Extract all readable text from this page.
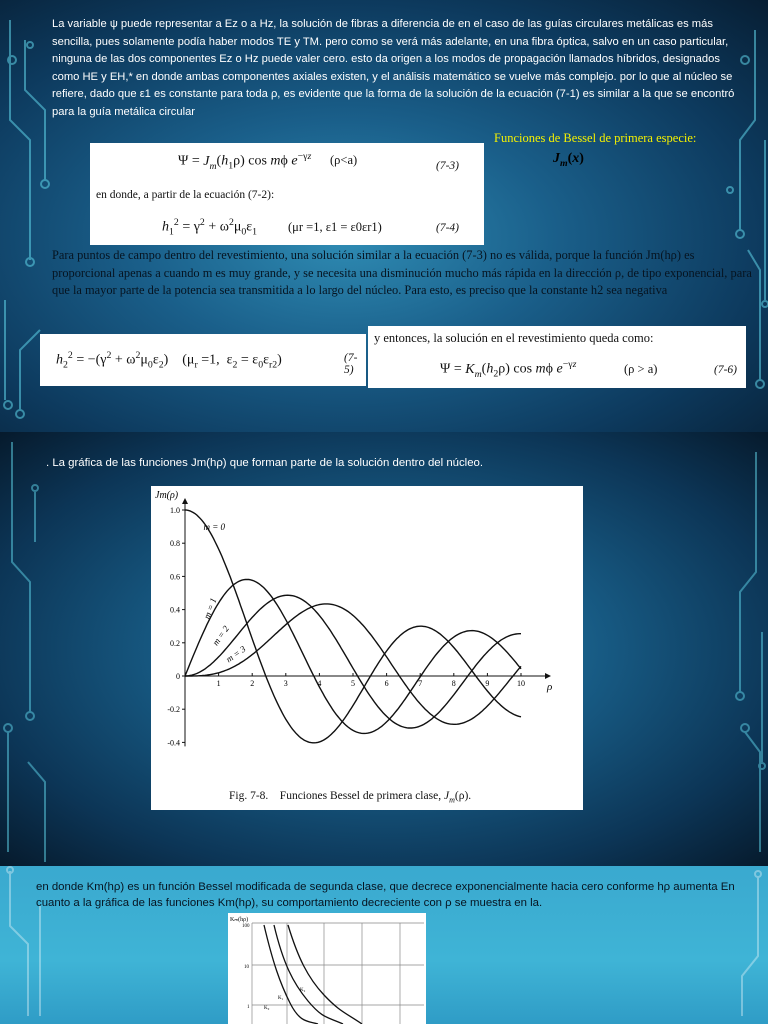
La variable ψ puede representar a Ez o a Hz, la solución de fibras a diferencia de en el caso de las guías circulares metálicas es más sencilla, pues solamente podía haber modos TE y TM. pero como se verá más adelante, en una fibra óptica, salvo en un caso particular, ninguna de las dos componentes Ez o Hz puede valer cero. esto da origen a los modos de propagación llamados híbridos, designados como HE y EH,* en donde ambas componentes axiales existen, y el análisis matemático se vuelve más complejo. por lo que al núcleo se refiere, dado que ε1 es constante para toda ρ, es evidente que la forma de la solución de la ecuación (7-1) es similar a la que se encontró para la guía metálica circular
Funciones de Bessel de primera especie:
$J_m(x)$
$\Psi = J_m(h_1\rho)$ cos mϕ $e^{-\gamma z}$ (ρ<a)	(7-3)
en donde, a partir de la ecuación (7-2):
$h_1^2 = \gamma^2 + \omega^2\mu_0\varepsilon_1$ (μr =1, ε1 = ε0εr1)	(7-4)
Para puntos de campo dentro del revestimiento, una solución similar a la ecuación (7-3) no es válida, porque la función Jm(hρ) es proporcional apenas a cuando m es muy grande, y se necesita una disminución mucho más rápida en la dirección ρ, de tipo exponencial, para que la mayor parte de la potencia sea transmitida a lo largo del núcleo. Para esto, es preciso que la constante h2 sea negativa
$h_2^2 = -(\gamma^2 + \omega^2\mu_0\varepsilon_2)$    ($\mu_r =1$,  $\varepsilon_2 = \varepsilon_0\varepsilon_{r2}$)	(7-5)
y entonces, la solución en el revestimiento queda como:
$\Psi = K_m(h_2\rho)$ cos mϕ $e^{-\gamma z}$	(ρ > a)	(7-6)
. La gráfica de las funciones Jm(hρ) que forman parte de la solución dentro del núcleo.
1.0
0.8
0.6
0.4
0.2
0
-0.2
-0.4
1	2	3	4	5	6	7	8	9	10
Jm(ρ)
ρ
m = 0
m = 1
m = 2
m = 3
Fig. 7-8.    Funciones Bessel de primera clase, $J_m(\rho)$.
en donde Km(hρ) es un función Bessel modificada de segunda clase, que decrece exponencialmente hacia cero conforme hρ aumenta En cuanto a la gráfica de las funciones Km(hρ), su comportamiento decreciente con ρ se muestra en la.
Kₘ(hρ)
100
10
1
K₂
K₁
K₀
